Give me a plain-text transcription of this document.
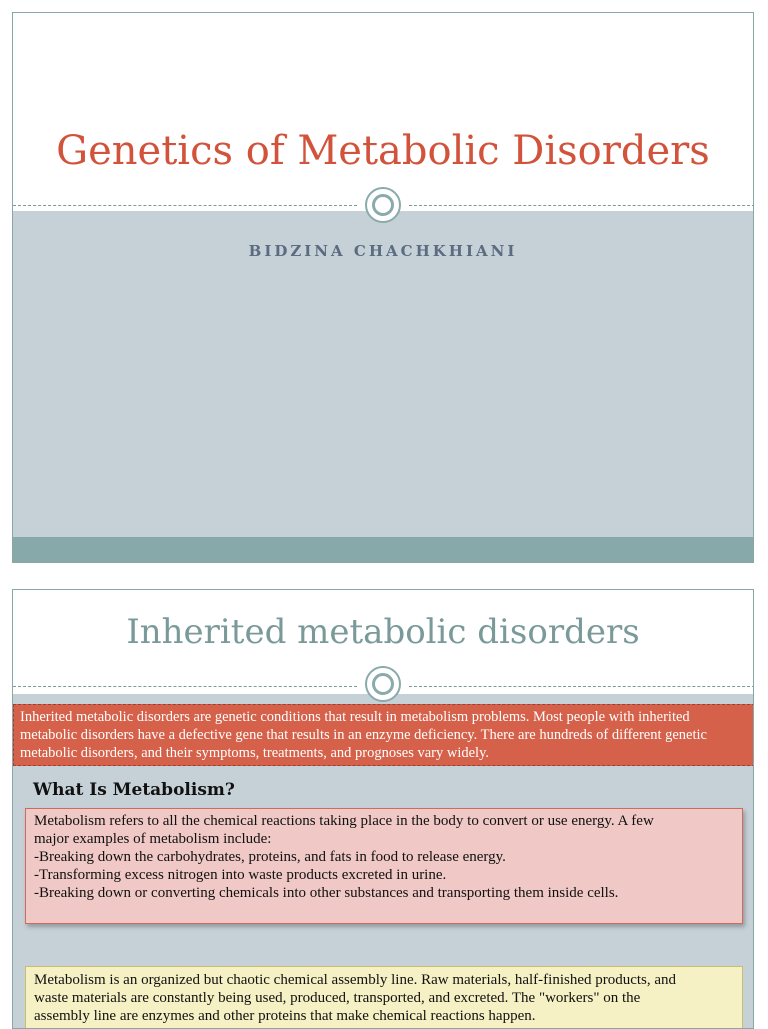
Genetics of Metabolic Disorders
BIDZINA CHACHKHIANI
Inherited metabolic disorders
Inherited metabolic disorders are genetic conditions that result in metabolism problems. Most people with inherited metabolic disorders have a defective gene that results in an enzyme deficiency. There are hundreds of different genetic metabolic disorders, and their symptoms, treatments, and prognoses vary widely.
What Is Metabolism?
Metabolism refers to all the chemical reactions taking place in the body to convert or use energy. A few
major examples of metabolism include:
-Breaking down the carbohydrates, proteins, and fats in food to release energy.
-Transforming excess nitrogen into waste products excreted in urine.
-Breaking down or converting chemicals into other substances and transporting them inside cells.
Metabolism is an organized but chaotic chemical assembly line. Raw materials, half-finished products, and
waste materials are constantly being used, produced, transported, and excreted. The "workers" on the
assembly line are enzymes and other proteins that make chemical reactions happen.
